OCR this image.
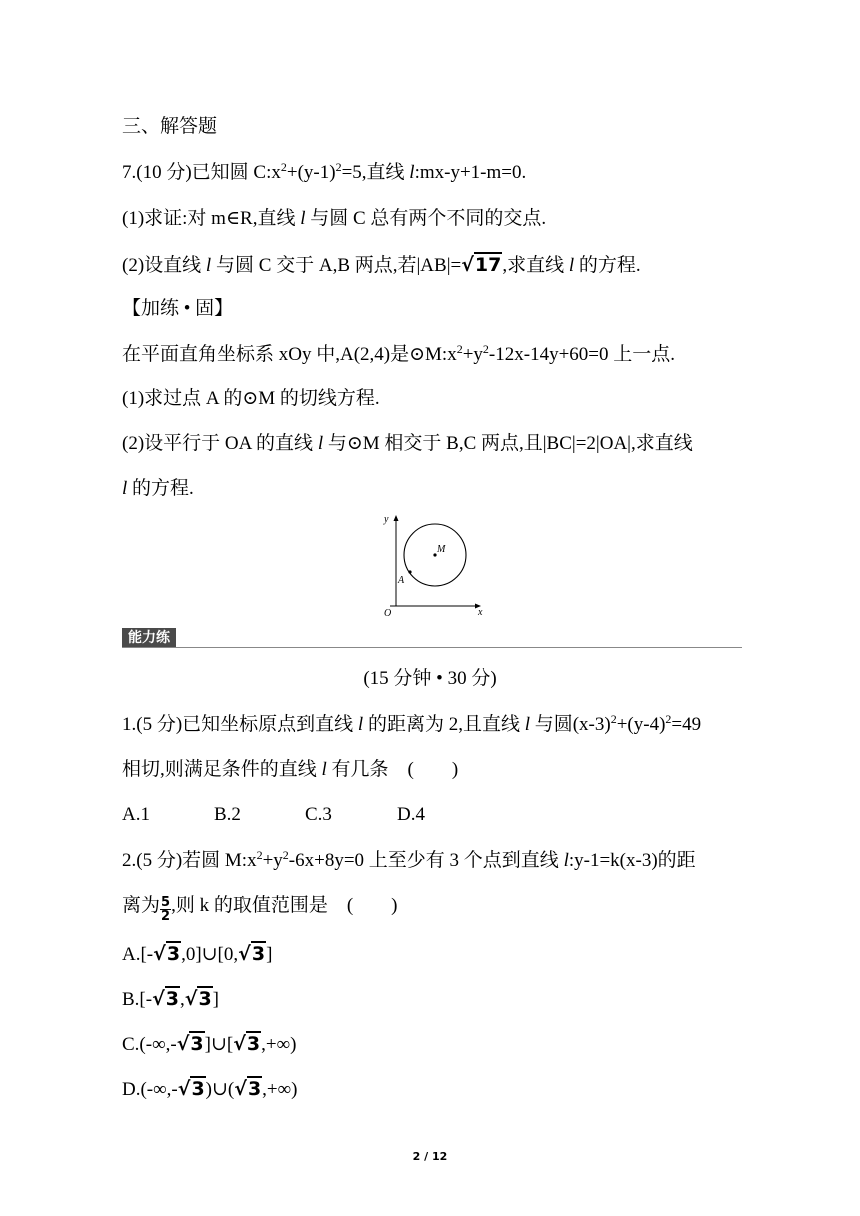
三、解答题
7.(10 分)已知圆 $C:x^2+(y-1)^2=5$,直线 l:mx-y+1-m=0.
(1)求证:对 m∈R,直线 l 与圆 C 总有两个不同的交点.
(2)设直线 l 与圆 C 交于 A,B 两点,若|AB|=√17,求直线 l 的方程.
【加练 • 固】
在平面直角坐标系 xOy 中,A(2,4)是$⊙M:x^2+y^2-12x-14y+60=0$ 上一点.
(1)求过点 A 的⊙M 的切线方程.
(2)设平行于 OA 的直线 l 与⊙M 相交于 B,C 两点,且|BC|=2|OA|,求直线
l 的方程.
y
x
O
A
M
能力练
(15 分钟 • 30 分)
1.(5 分)已知坐标原点到直线 l 的距离为 2,且直线 l 与圆$(x-3)^2+(y-4)^2=49$
相切,则满足条件的直线 l 有几条　(　　)
A.1	B.2	C.3	D.4
2.(5 分)若圆 $M:x^2+y^2-6x+8y=0$ 上至少有 3 个点到直线 l:y-1=k(x-3)的距
离为 $\frac{5}{2}$ ,则 k 的取值范围是　(　　)
A.[-√3,0]∪[0,√3]
B.[-√3,√3]
C.(-∞,-√3]∪[√3,+∞)
D.(-∞,-√3)∪(√3,+∞)
2 / 12
